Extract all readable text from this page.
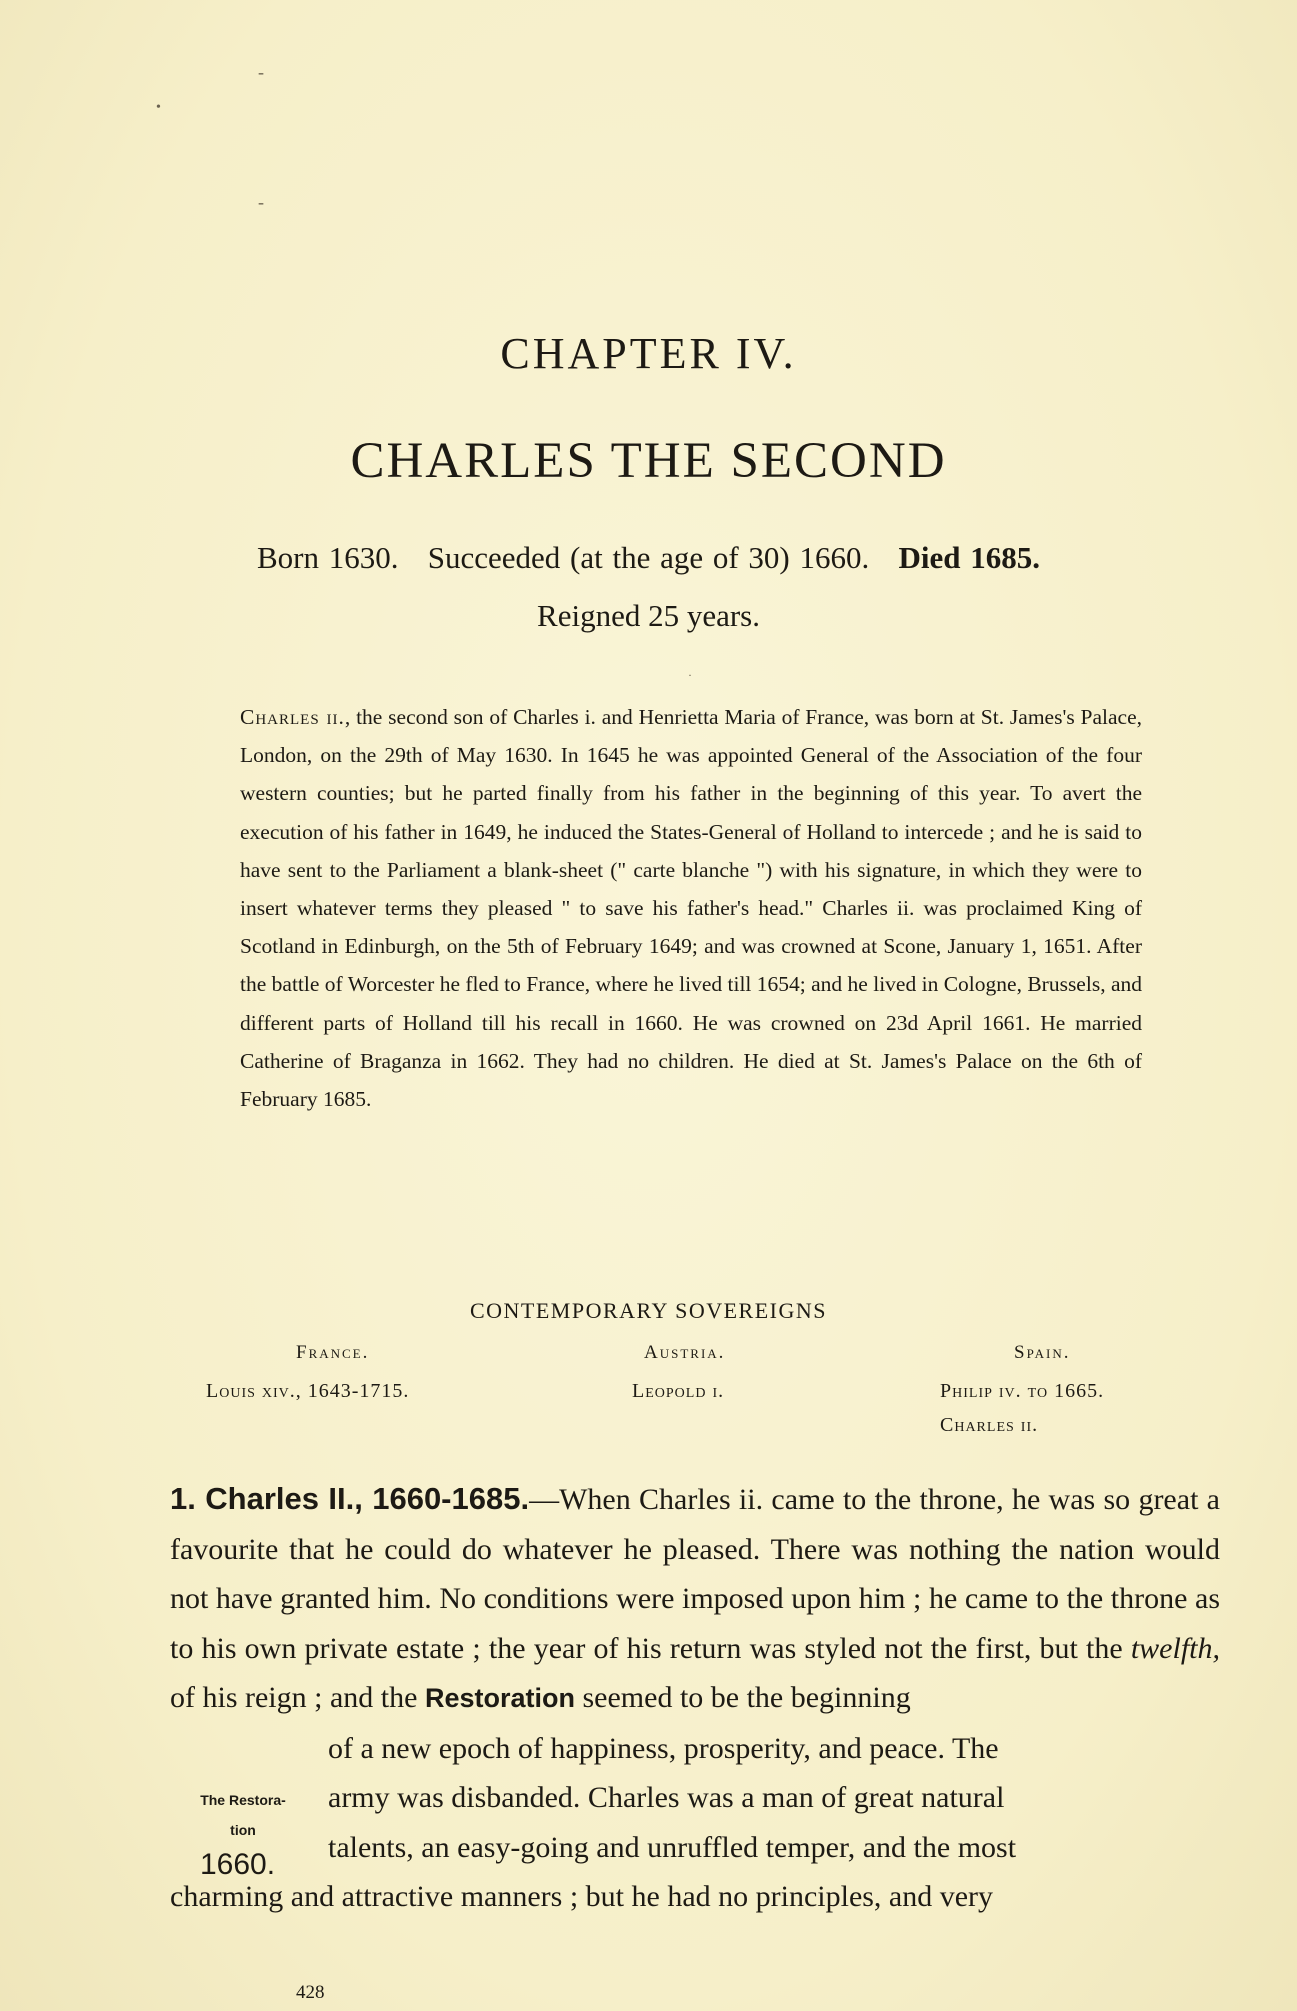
-
•
-
·
CHAPTER IV.
CHARLES THE SECOND
Born 1630. Succeeded (at the age of 30) 1660. Died 1685.
Reigned 25 years.
Charles ii., the second son of Charles i. and Henrietta Maria of France, was born at St. James's Palace, London, on the 29th of May 1630. In 1645 he was appointed General of the Association of the four western counties; but he parted finally from his father in the beginning of this year. To avert the execution of his father in 1649, he induced the States-General of Holland to intercede ; and he is said to have sent to the Parliament a blank-sheet (" carte blanche ") with his signature, in which they were to insert whatever terms they pleased " to save his father's head." Charles ii. was proclaimed King of Scotland in Edinburgh, on the 5th of February 1649; and was crowned at Scone, January 1, 1651. After the battle of Worcester he fled to France, where he lived till 1654; and he lived in Cologne, Brussels, and different parts of Holland till his recall in 1660. He was crowned on 23d April 1661. He married Catherine of Braganza in 1662. They had no children. He died at St. James's Palace on the 6th of February 1685.
CONTEMPORARY SOVEREIGNS
France.
Louis xiv., 1643-1715.
Austria.
Leopold i.
Spain.
Philip iv. to 1665.
Charles ii.

1. Charles II., 1660-1685.—When Charles ii. came to the throne, he was so great a favourite that he could do whatever he pleased. There was nothing the nation would not have granted him. No conditions were imposed upon him ; he came to the throne as to his own private estate ; the year of his return was styled not the first, but the twelfth, of his reign ; and the Restoration seemed to be the beginning

of a new epoch of happiness, prosperity, and peace. The

army was disbanded. Charles was a man of great natural

talents, an easy-going and unruffled temper, and the most

charming and attractive manners ; but he had no principles, and very

The Restora-
tion
1660.
428
